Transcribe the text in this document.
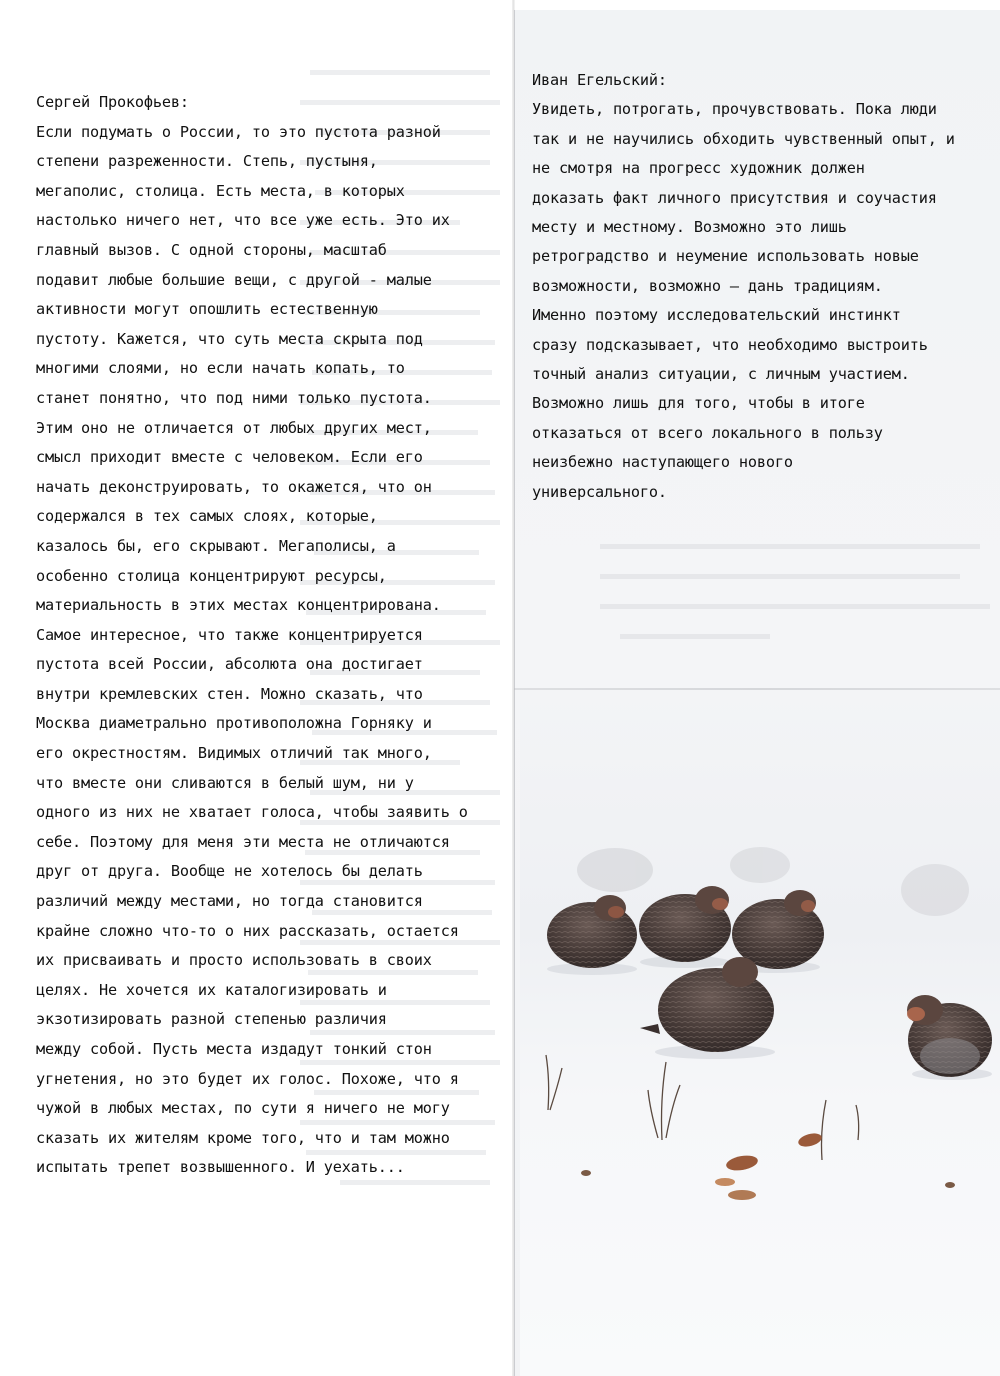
Сергей Прокофьев:
Если подумать о России, то это пустота разной
степени разреженности. Степь, пустыня,
мегаполис, столица. Есть места, в которых
настолько ничего нет, что все уже есть. Это их
главный вызов. С одной стороны, масштаб
подавит любые большие вещи, с другой - малые
активности могут опошлить естественную
пустоту. Кажется, что суть места скрыта под
многими слоями, но если начать копать, то
станет понятно, что под ними только пустота.
Этим оно не отличается от любых других мест,
смысл приходит вместе с человеком. Если его
начать деконструировать, то окажется, что он
содержался в тех самых слоях, которые,
казалось бы, его скрывают. Мегаполисы, а
особенно столица концентрируют ресурсы,
материальность в этих местах концентрирована.
Самое интересное, что также концентрируется
пустота всей России, абсолюта она достигает
внутри кремлевских стен. Можно сказать, что
Москва диаметрально противоположна Горняку и
его окрестностям. Видимых отличий так много,
что вместе они сливаются в белый шум, ни у
одного из них не хватает голоса, чтобы заявить о
себе. Поэтому для меня эти места не отличаются
друг от друга. Вообще не хотелось бы делать
различий между местами, но тогда становится
крайне сложно что-то о них рассказать, остается
их присваивать и просто использовать в своих
целях. Не хочется их каталогизировать и
экзотизировать разной степенью различия
между собой. Пусть места издадут тонкий стон
угнетения, но это будет их голос. Похоже, что я
чужой в любых местах, по сути я ничего не могу
сказать их жителям кроме того, что и там можно
испытать трепет возвышенного. И уехать...
Иван Егельский:
Увидеть, потрогать, прочувствовать. Пока люди
так и не научились обходить чувственный опыт, и
не смотря на прогресс художник должен
доказать факт личного присутствия и соучастия
месту и местному. Возможно это лишь
ретроградство и неумение использовать новые
возможности, возможно – дань традициям.
Именно поэтому исследовательский инстинкт
сразу подсказывает, что необходимо выстроить
точный анализ ситуации, с личным участием.
Возможно лишь для того, чтобы в итоге
отказаться от всего локального в пользу
неизбежно наступающего нового
универсального.
